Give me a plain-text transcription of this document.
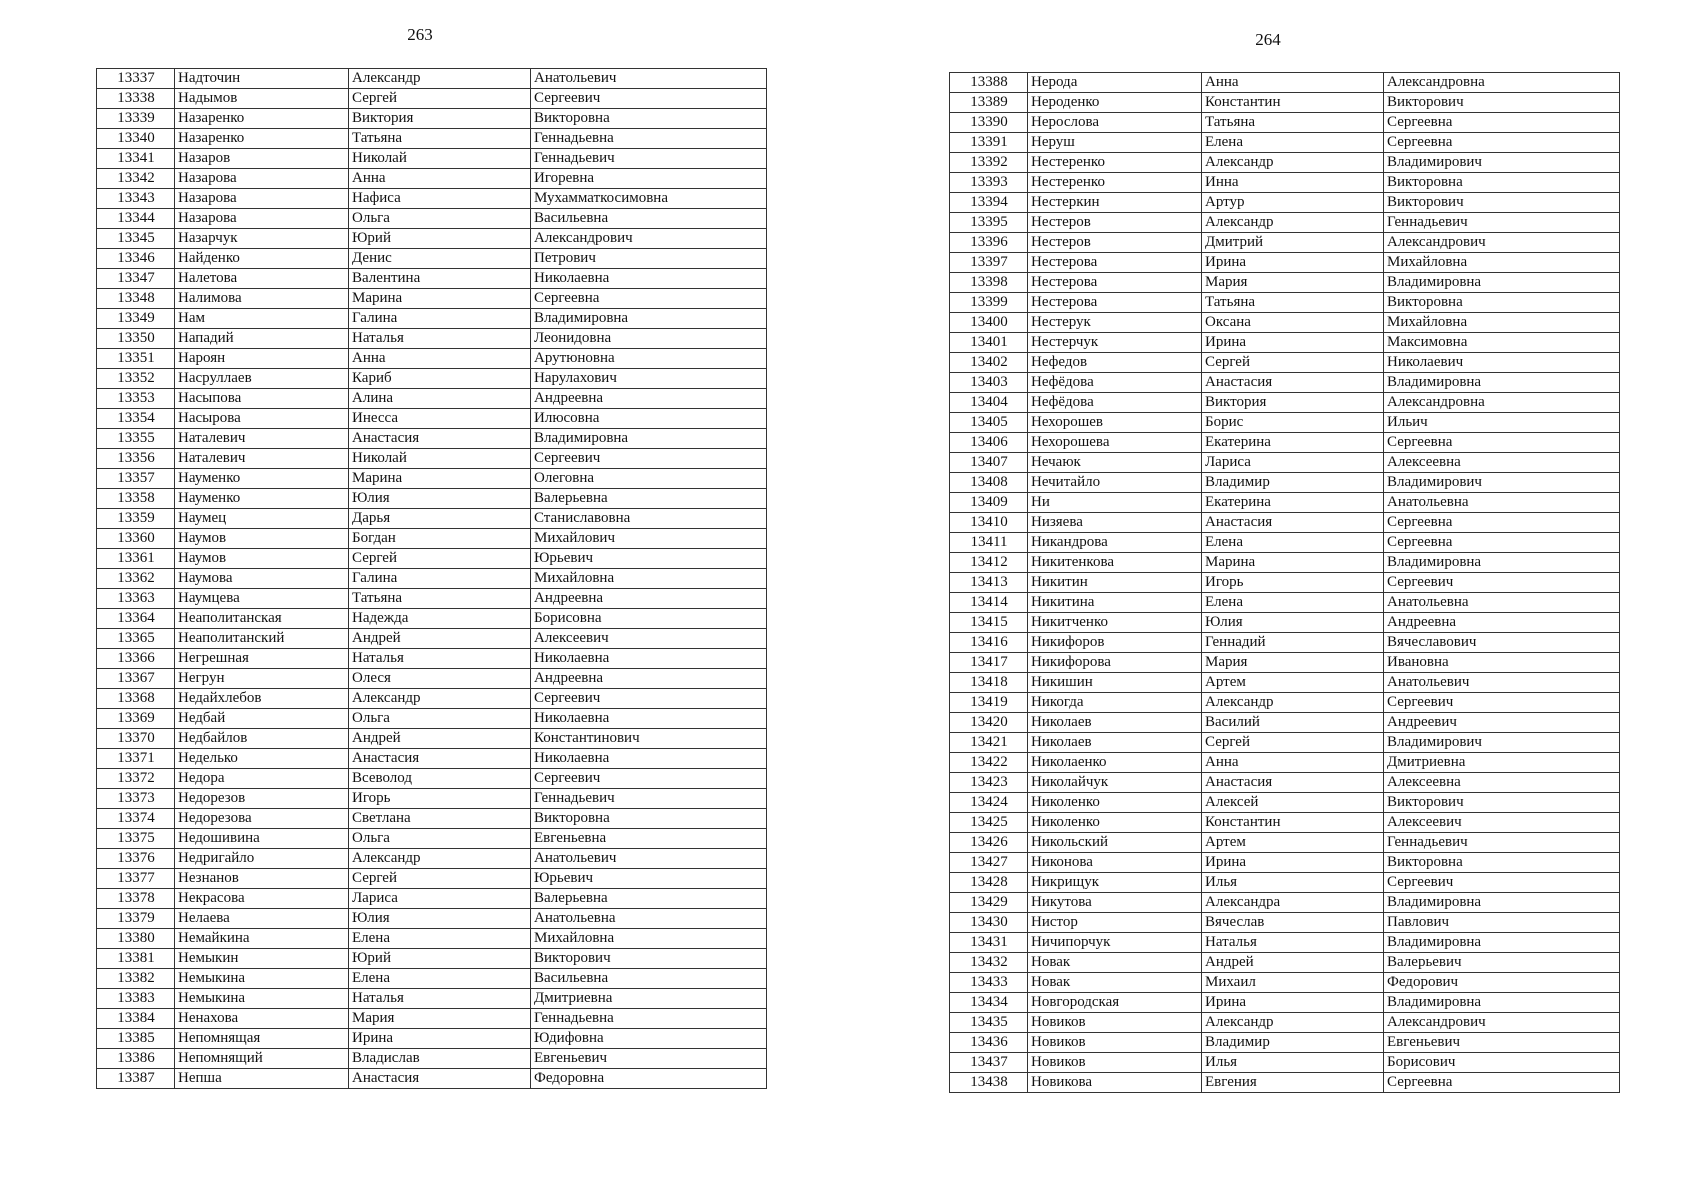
263	264
13337	Надточин	Александр	Анатольевич
13338	Надымов	Сергей	Сергеевич
13339	Назаренко	Виктория	Викторовна
13340	Назаренко	Татьяна	Геннадьевна
13341	Назаров	Николай	Геннадьевич
13342	Назарова	Анна	Игоревна
13343	Назарова	Нафиса	Мухамматкосимовна
13344	Назарова	Ольга	Васильевна
13345	Назарчук	Юрий	Александрович
13346	Найденко	Денис	Петрович
13347	Налетова	Валентина	Николаевна
13348	Налимова	Марина	Сергеевна
13349	Нам	Галина	Владимировна
13350	Нападий	Наталья	Леонидовна
13351	Нароян	Анна	Арутюновна
13352	Насруллаев	Кариб	Нарулахович
13353	Насыпова	Алина	Андреевна
13354	Насырова	Инесса	Илюсовна
13355	Наталевич	Анастасия	Владимировна
13356	Наталевич	Николай	Сергеевич
13357	Науменко	Марина	Олеговна
13358	Науменко	Юлия	Валерьевна
13359	Наумец	Дарья	Станиславовна
13360	Наумов	Богдан	Михайлович
13361	Наумов	Сергей	Юрьевич
13362	Наумова	Галина	Михайловна
13363	Наумцева	Татьяна	Андреевна
13364	Неаполитанская	Надежда	Борисовна
13365	Неаполитанский	Андрей	Алексеевич
13366	Негрешная	Наталья	Николаевна
13367	Негрун	Олеся	Андреевна
13368	Недайхлебов	Александр	Сергеевич
13369	Недбай	Ольга	Николаевна
13370	Недбайлов	Андрей	Константинович
13371	Неделько	Анастасия	Николаевна
13372	Недора	Всеволод	Сергеевич
13373	Недорезов	Игорь	Геннадьевич
13374	Недорезова	Светлана	Викторовна
13375	Недошивина	Ольга	Евгеньевна
13376	Недригайло	Александр	Анатольевич
13377	Незнанов	Сергей	Юрьевич
13378	Некрасова	Лариса	Валерьевна
13379	Нелаева	Юлия	Анатольевна
13380	Немайкина	Елена	Михайловна
13381	Немыкин	Юрий	Викторович
13382	Немыкина	Елена	Васильевна
13383	Немыкина	Наталья	Дмитриевна
13384	Ненахова	Мария	Геннадьевна
13385	Непомнящая	Ирина	Юдифовна
13386	Непомнящий	Владислав	Евгеньевич
13387	Непша	Анастасия	Федоровна
13388	Нерода	Анна	Александровна
13389	Нероденко	Константин	Викторович
13390	Нерослова	Татьяна	Сергеевна
13391	Неруш	Елена	Сергеевна
13392	Нестеренко	Александр	Владимирович
13393	Нестеренко	Инна	Викторовна
13394	Нестеркин	Артур	Викторович
13395	Нестеров	Александр	Геннадьевич
13396	Нестеров	Дмитрий	Александрович
13397	Нестерова	Ирина	Михайловна
13398	Нестерова	Мария	Владимировна
13399	Нестерова	Татьяна	Викторовна
13400	Нестерук	Оксана	Михайловна
13401	Нестерчук	Ирина	Максимовна
13402	Нефедов	Сергей	Николаевич
13403	Нефёдова	Анастасия	Владимировна
13404	Нефёдова	Виктория	Александровна
13405	Нехорошев	Борис	Ильич
13406	Нехорошева	Екатерина	Сергеевна
13407	Нечаюк	Лариса	Алексеевна
13408	Нечитайло	Владимир	Владимирович
13409	Ни	Екатерина	Анатольевна
13410	Низяева	Анастасия	Сергеевна
13411	Никандрова	Елена	Сергеевна
13412	Никитенкова	Марина	Владимировна
13413	Никитин	Игорь	Сергеевич
13414	Никитина	Елена	Анатольевна
13415	Никитченко	Юлия	Андреевна
13416	Никифоров	Геннадий	Вячеславович
13417	Никифорова	Мария	Ивановна
13418	Никишин	Артем	Анатольевич
13419	Никогда	Александр	Сергеевич
13420	Николаев	Василий	Андреевич
13421	Николаев	Сергей	Владимирович
13422	Николаенко	Анна	Дмитриевна
13423	Николайчук	Анастасия	Алексеевна
13424	Николенко	Алексей	Викторович
13425	Николенко	Константин	Алексеевич
13426	Никольский	Артем	Геннадьевич
13427	Никонова	Ирина	Викторовна
13428	Никрищук	Илья	Сергеевич
13429	Никутова	Александра	Владимировна
13430	Нистор	Вячеслав	Павлович
13431	Ничипорчук	Наталья	Владимировна
13432	Новак	Андрей	Валерьевич
13433	Новак	Михаил	Федорович
13434	Новгородская	Ирина	Владимировна
13435	Новиков	Александр	Александрович
13436	Новиков	Владимир	Евгеньевич
13437	Новиков	Илья	Борисович
13438	Новикова	Евгения	Сергеевна
